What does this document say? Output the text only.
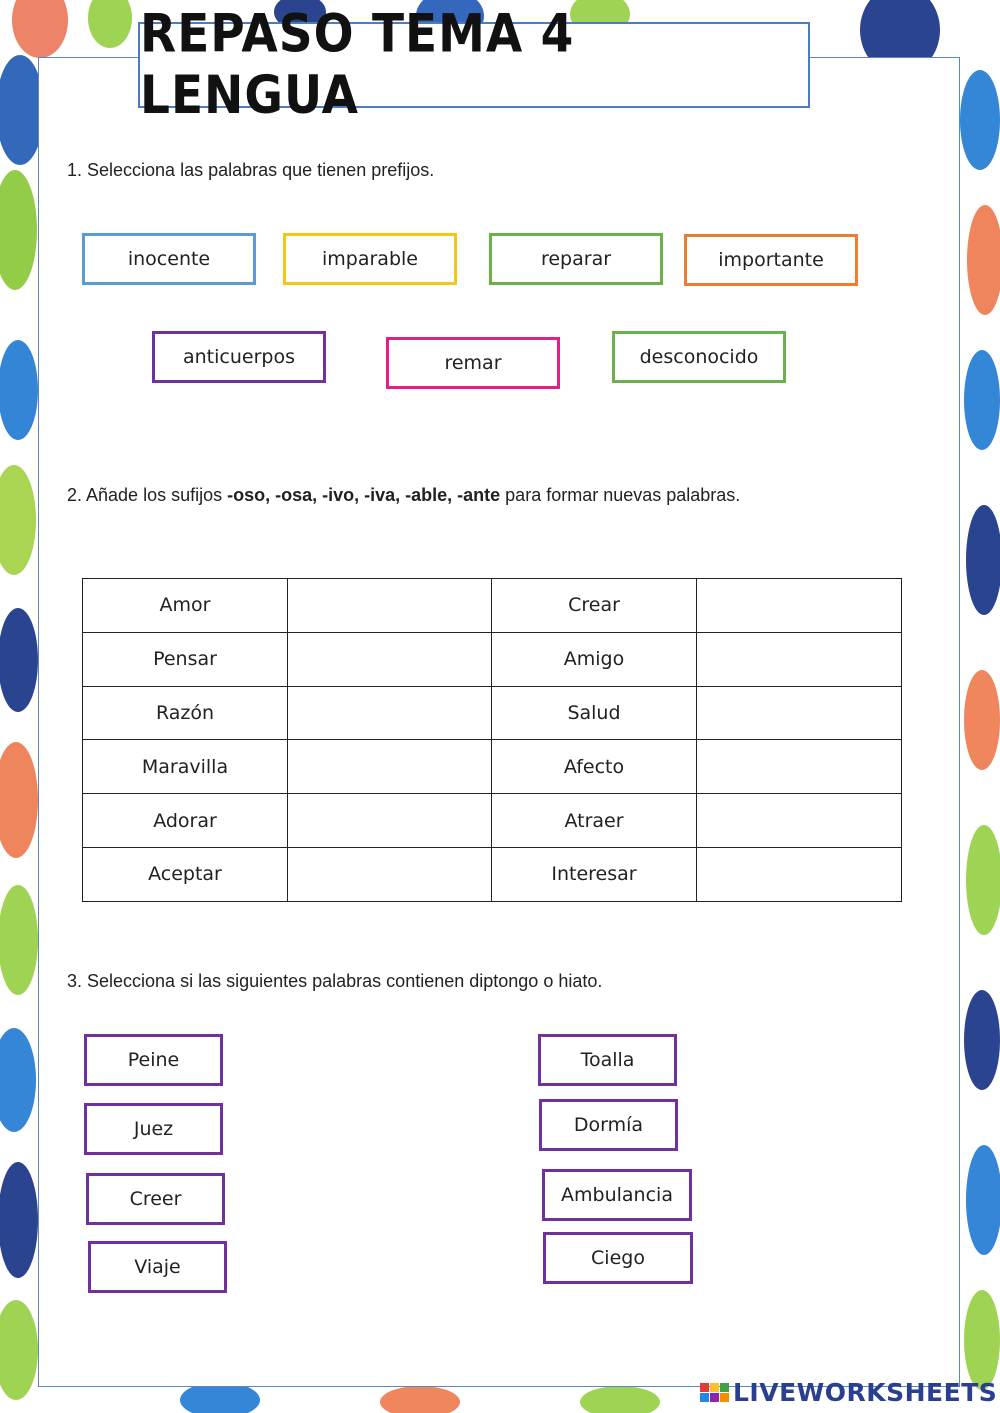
REPASO TEMA 4 LENGUA
1. Selecciona las palabras que tienen prefijos.
inocente	imparable	reparar	importante
anticuerpos	remar	desconocido
2. Añade los sufijos -oso, -osa, -ivo, -iva, -able, -ante para formar nuevas palabras.
Amor		Crear	
Pensar		Amigo	
Razón		Salud	
Maravilla		Afecto	
Adorar		Atraer	
Aceptar		Interesar	
3. Selecciona si las siguientes palabras contienen diptongo o hiato.
Peine
Juez
Creer
Viaje
Toalla
Dormía
Ambulancia
Ciego
LIVEWORKSHEETS
